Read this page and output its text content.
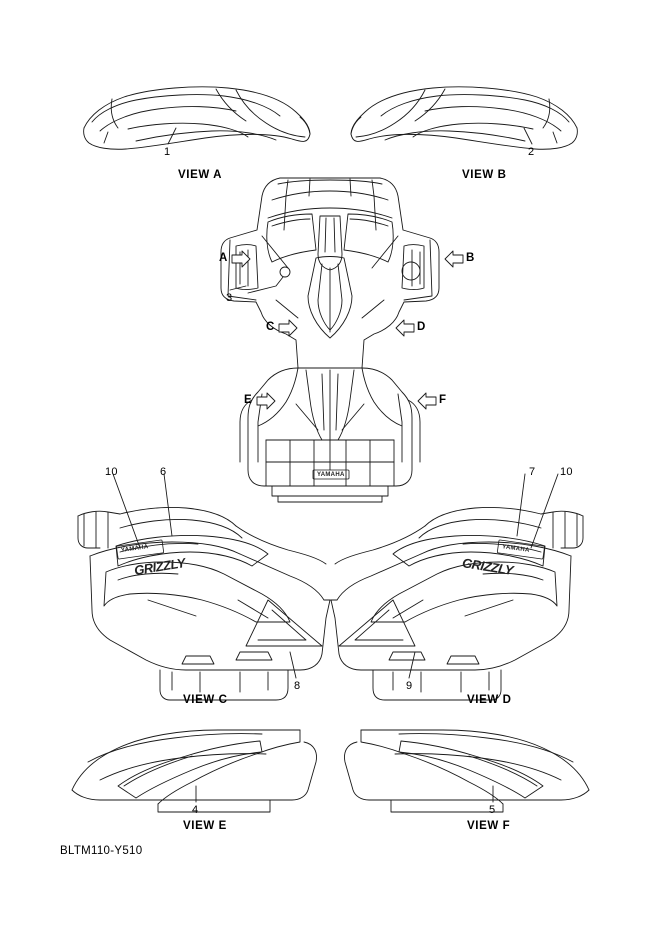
VIEW A	VIEW B
VIEW C	VIEW D
VIEW E	VIEW F
A	B
C	D
E	F
1	2
3
4	5
6	7
8	9
10	10
GRIZZLY
YAMAHA
GRIZZLY
YAMAHA
YAMAHA
BLTM110-Y510
